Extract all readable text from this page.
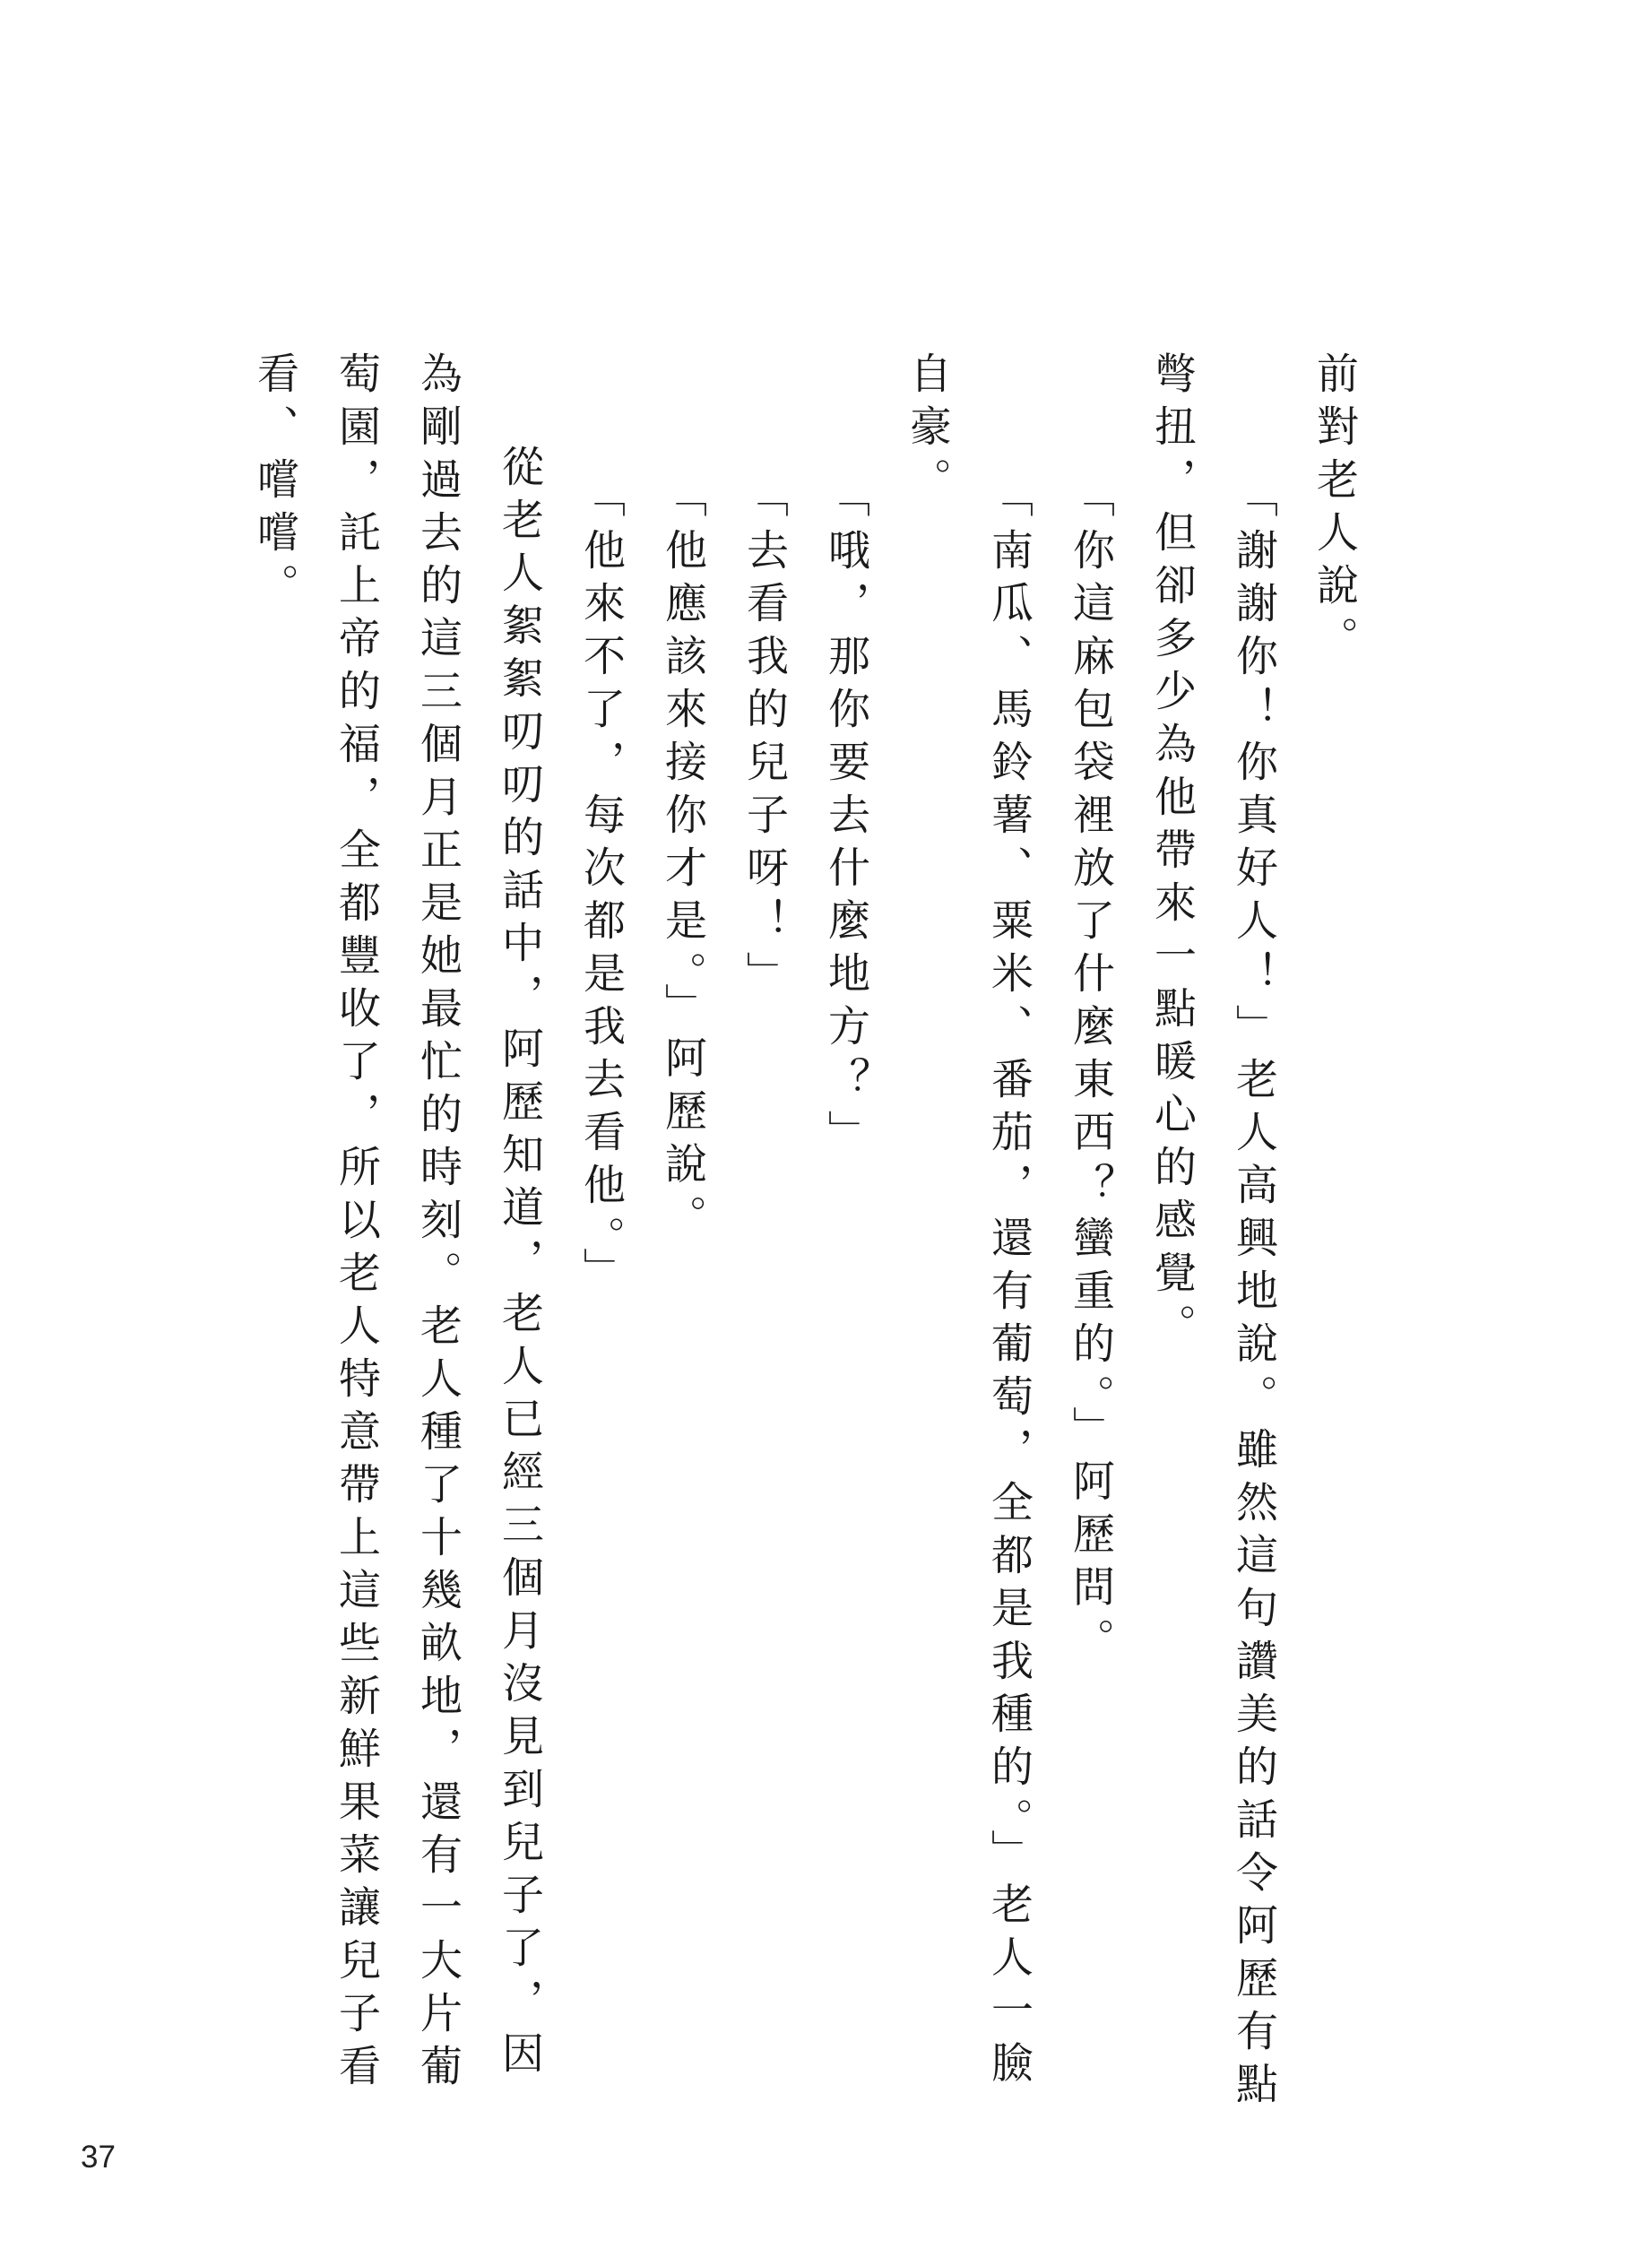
前對老人說。
「謝謝你！你真好人！」老人高興地說。雖然這句讚美的話令阿歷有點
彆扭，但卻多少為他帶來一點暖心的感覺。
「你這麻包袋裡放了什麼東西？蠻重的。」阿歷問。
「南瓜、馬鈴薯、粟米、番茄，還有葡萄，全都是我種的。」老人一臉
自豪。
「哦，那你要去什麼地方？」
「去看我的兒子呀！」
「他應該來接你才是。」阿歷說。
「他來不了，每次都是我去看他。」
從老人絮絮叨叨的話中，阿歷知道，老人已經三個月沒見到兒子了，因
為剛過去的這三個月正是她最忙的時刻。老人種了十幾畝地，還有一大片葡
萄園，託上帝的福，全都豐收了，所以老人特意帶上這些新鮮果菜讓兒子看
看、嚐嚐。
37
